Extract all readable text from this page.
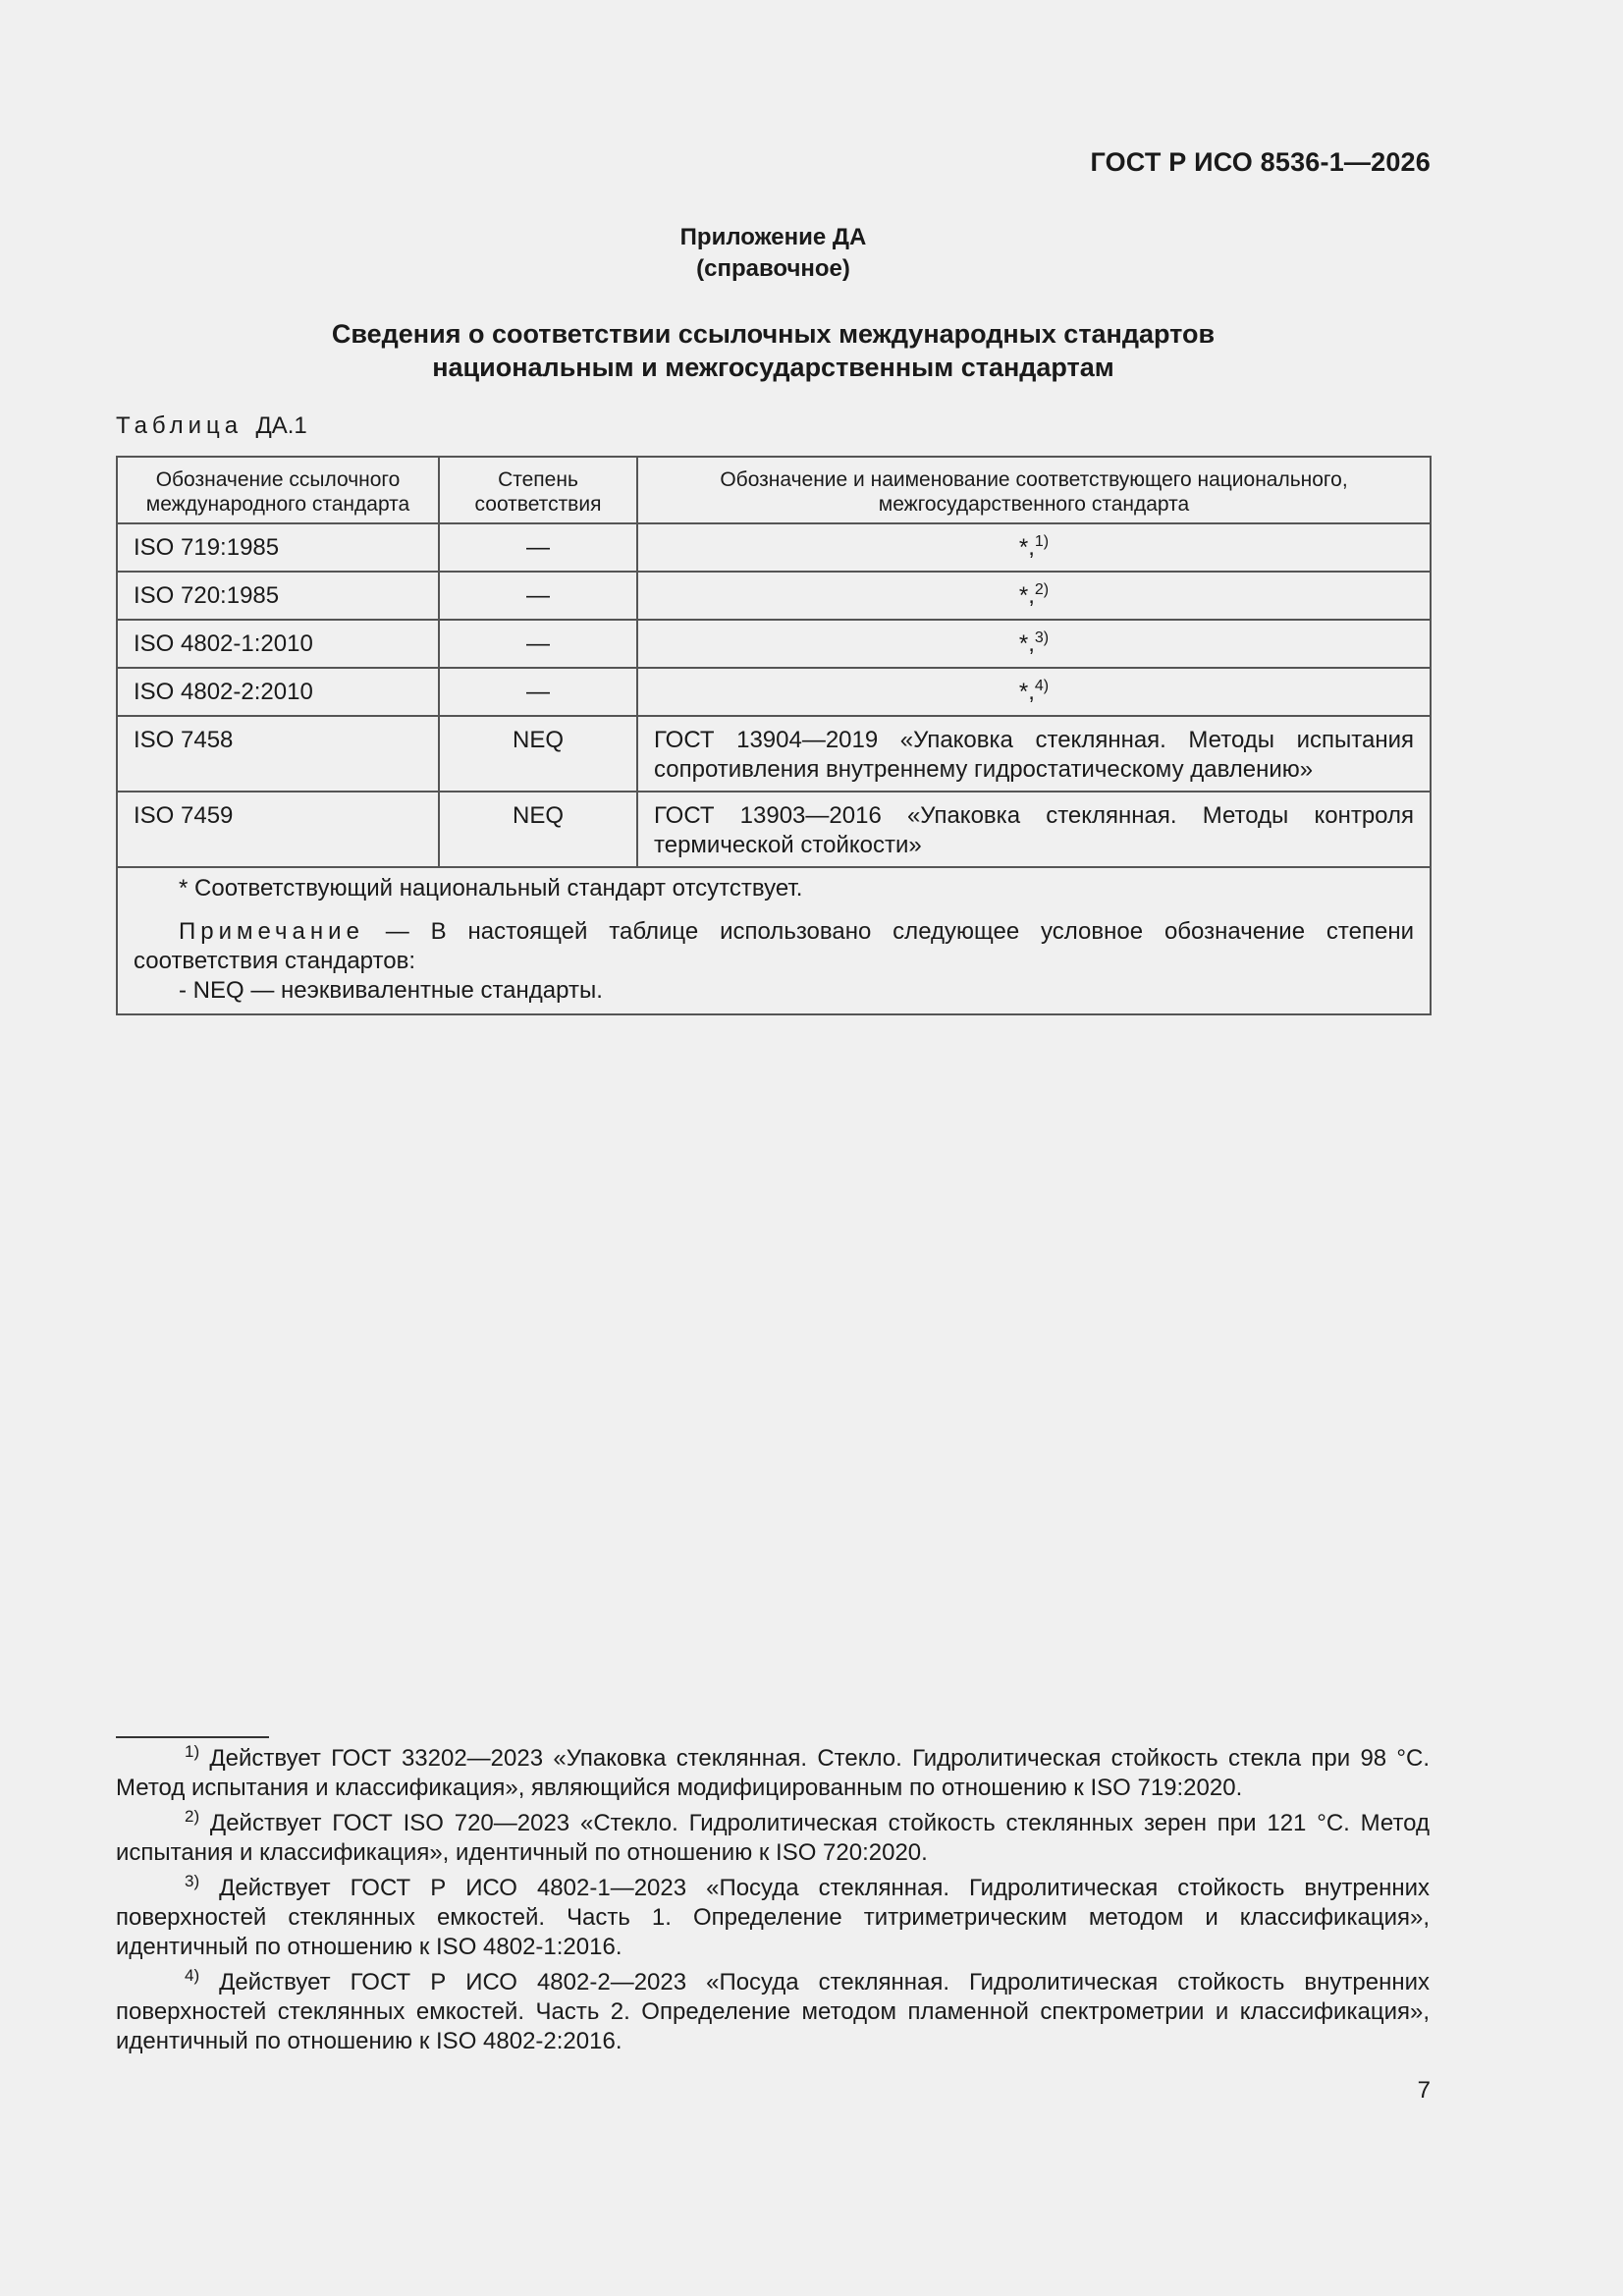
ГОСТ Р ИСО 8536-1—2026
Приложение ДА
(справочное)
Сведения о соответствии ссылочных международных стандартов
национальным и межгосударственным стандартам
Таблица ДА.1
Обозначение ссылочного международного стандарта	Степень соответствия	Обозначение и наименование соответствующего национального, межгосударственного стандарта
ISO 719:1985	—	*,$^{1)}$
ISO 720:1985	—	*,$^{2)}$
ISO 4802-1:2010	—	*,$^{3)}$
ISO 4802-2:2010	—	*,$^{4)}$
ISO 7458	NEQ	ГОСТ 13904—2019 «Упаковка стеклянная. Методы испытания сопротивления внутреннему гидростатическому давлению»
ISO 7459	NEQ	ГОСТ 13903—2016 «Упаковка стеклянная. Методы контроля термической стойкости»

* Соответствующий национальный стандарт отсутствует.
Примечание — В настоящей таблице использовано следующее условное обозначение степени соответствия стандартов:
- NEQ — неэквивалентные стандарты.		
$^{1)}$ Действует ГОСТ 33202—2023 «Упаковка стеклянная. Стекло. Гидролитическая стойкость стекла при 98 °С. Метод испытания и классификация», являющийся модифицированным по отношению к ISO 719:2020.
$^{2)}$ Действует ГОСТ ISO 720—2023 «Стекло. Гидролитическая стойкость стеклянных зерен при 121 °С. Метод испытания и классификация», идентичный по отношению к ISO 720:2020.
$^{3)}$ Действует ГОСТ Р ИСО 4802-1—2023 «Посуда стеклянная. Гидролитическая стойкость внутренних поверхностей стеклянных емкостей. Часть 1. Определение титриметрическим методом и классификация», идентичный по отношению к ISO 4802-1:2016.
$^{4)}$ Действует ГОСТ Р ИСО 4802-2—2023 «Посуда стеклянная. Гидролитическая стойкость внутренних поверхностей стеклянных емкостей. Часть 2. Определение методом пламенной спектрометрии и классификация», идентичный по отношению к ISO 4802-2:2016.
7
